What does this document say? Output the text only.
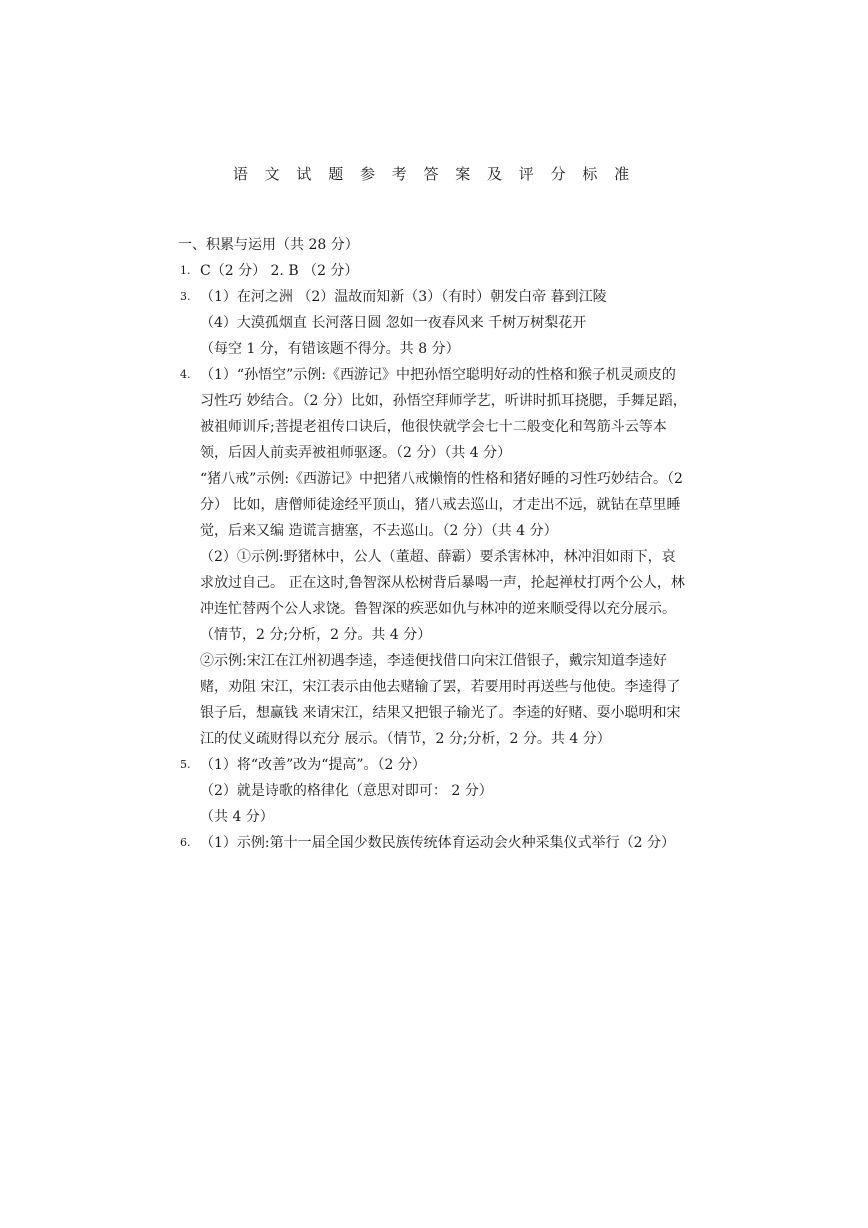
语 文 试 题 参 考 答 案 及 评 分 标 准

一、积累与运用（共 28 分）

1. C（2 分） 2. B （2 分）

3. （1）在河之洲 （2）温故而知新（3）（有时）朝发白帝 暮到江陵

（4）大漠孤烟直 长河落日圆 忽如一夜春风来 千树万树梨花开

（每空 1 分，有错该题不得分。共 8 分）

4. （1）“孙悟空”示例:《西游记》中把孙悟空聪明好动的性格和猴子机灵顽皮的习性巧 妙结合。（2 分）比如，孙悟空拜师学艺，听讲时抓耳挠腮，手舞足蹈，被祖师训斥;菩提老祖传口诀后，他很快就学会七十二般变化和驾筋斗云等本领，后因人前卖弄被祖师驱逐。（2 分）（共 4 分）

“猪八戒”示例:《西游记》中把猪八戒懒惰的性格和猪好睡的习性巧妙结合。（2 分） 比如，唐僧师徒途经平顶山，猪八戒去巡山，才走出不远，就钻在草里睡觉，后来又编 造谎言搪塞，不去巡山。（2 分）（共 4 分）

（2）①示例:野猪林中，公人（董超、薛霸）要杀害林冲，林冲泪如雨下，哀求放过自己。 正在这时,鲁智深从松树背后暴喝一声，抡起禅杖打两个公人，林冲连忙替两个公人求饶。鲁智深的疾恶如仇与林冲的逆来顺受得以充分展示。（情节，2 分;分析，2 分。共 4 分）

②示例:宋江在江州初遇李逵，李逵便找借口向宋江借银子，戴宗知道李逵好赌，劝阻 宋江，宋江表示由他去赌输了罢，若要用时再送些与他使。李逵得了银子后，想赢钱 来请宋江，结果又把银子输光了。李逵的好赌、耍小聪明和宋江的仗义疏财得以充分 展示。（情节，2 分;分析，2 分。共 4 分）

5. （1）将“改善”改为“提高”。（2 分）

（2）就是诗歌的格律化（意思对即可： 2 分）

（共 4 分）

6. （1）示例:第十一届全国少数民族传统体育运动会火种采集仪式举行（2 分）
